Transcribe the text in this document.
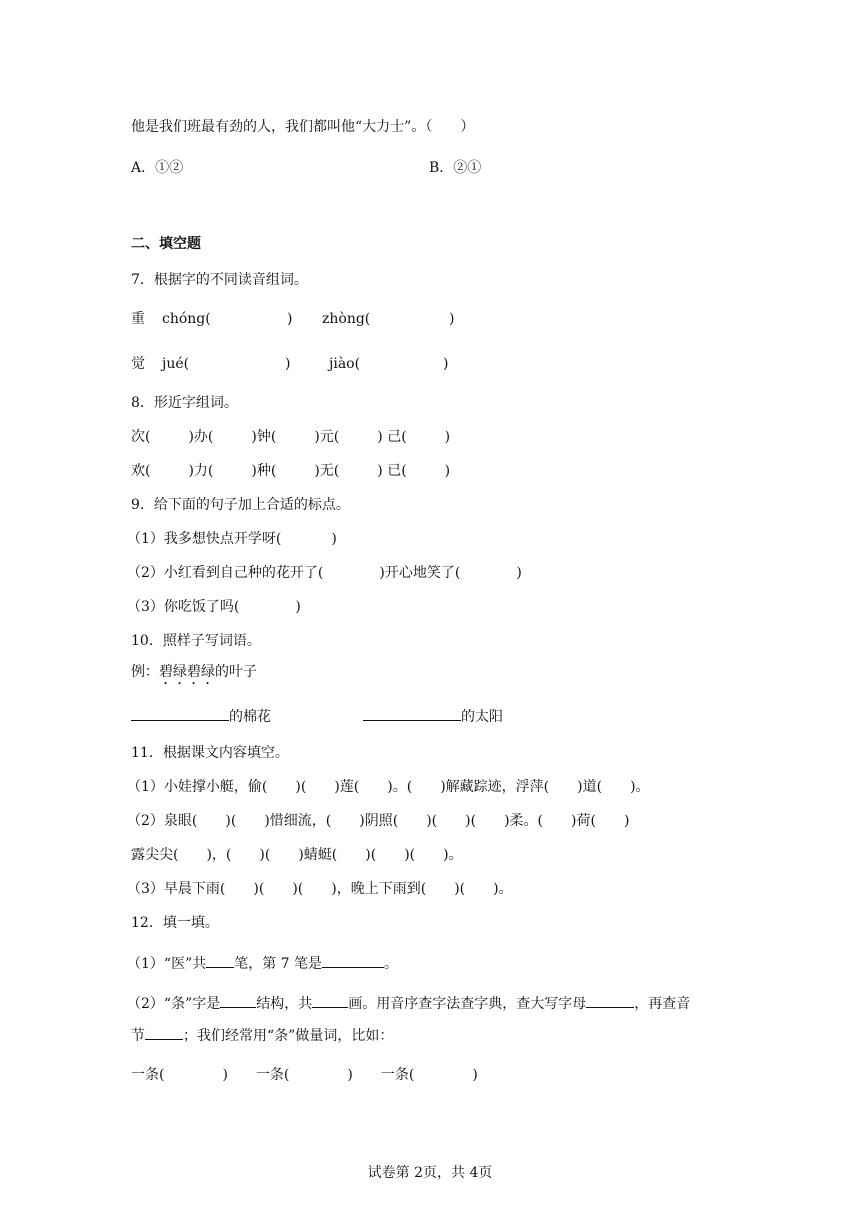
他是我们班最有劲的人，我们都叫他“大力士”。（　　）
A．①②	B．②①
二、填空题
7．根据字的不同读音组词。
重 chóng(	) zhòng(	)
觉 jué(	)	jiào(	)
8．形近字组词。
次(	)办(	)钟(	)元(	) 己(	)
欢(	)力(	)种(	)无(	) 已(	)
9．给下面的句子加上合适的标点。
（1）我多想快点开学呀(	)
（2）小红看到自己种的花开了(	)开心地笑了(	)
（3）你吃饭了吗(	)
10．照样子写词语。
例：碧绿碧绿的叶子
的棉花	的太阳
11．根据课文内容填空。
（1）小娃撑小艇，偷( )( )莲( )。( )解藏踪迹，浮萍( )道( )。
（2）泉眼( )( )惜细流，( )阴照( )( )( )柔。( )荷( )
露尖尖( )，( )( )蜻蜓( )( )( )。
（3）早晨下雨( )( )( )，晚上下雨到( )( )。
12．填一填。
（1）“医”共 笔，第 7 笔是	。
（2）“条”字是	结构，共	画。用音序查字法查字典，查大写字母	，再查音
节	；我们经常用“条”做量词，比如：
一条(	) 一条(	) 一条(	)
试卷第 2页，共 4页
